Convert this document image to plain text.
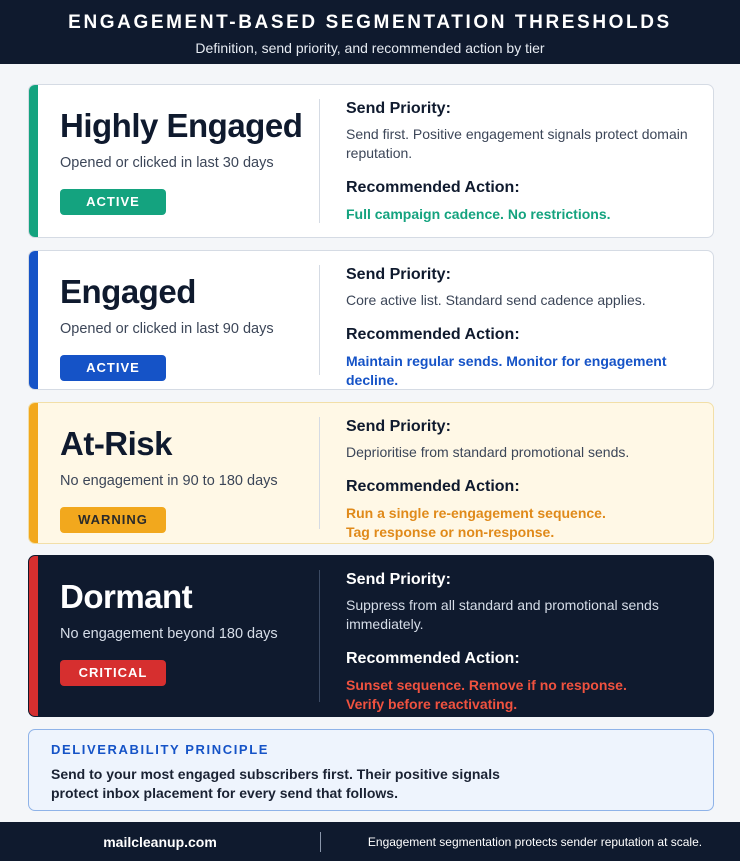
ENGAGEMENT-BASED SEGMENTATION THRESHOLDS
Definition, send priority, and recommended action by tier
Highly Engaged
Opened or clicked in last 30 days
ACTIVE
Send Priority:
Send first. Positive engagement signals protect domain reputation.
Recommended Action:
Full campaign cadence. No restrictions.
Engaged
Opened or clicked in last 90 days
ACTIVE
Send Priority:
Core active list. Standard send cadence applies.
Recommended Action:
Maintain regular sends. Monitor for engagement decline.
At-Risk
No engagement in 90 to 180 days
WARNING
Send Priority:
Deprioritise from standard promotional sends.
Recommended Action:
Run a single re-engagement sequence.
Tag response or non-response.
Dormant
No engagement beyond 180 days
CRITICAL
Send Priority:
Suppress from all standard and promotional sends immediately.
Recommended Action:
Sunset sequence. Remove if no response.
Verify before reactivating.
DELIVERABILITY PRINCIPLE
Send to your most engaged subscribers first. Their positive signals protect inbox placement for every send that follows.
mailcleanup.com	Engagement segmentation protects sender reputation at scale.
